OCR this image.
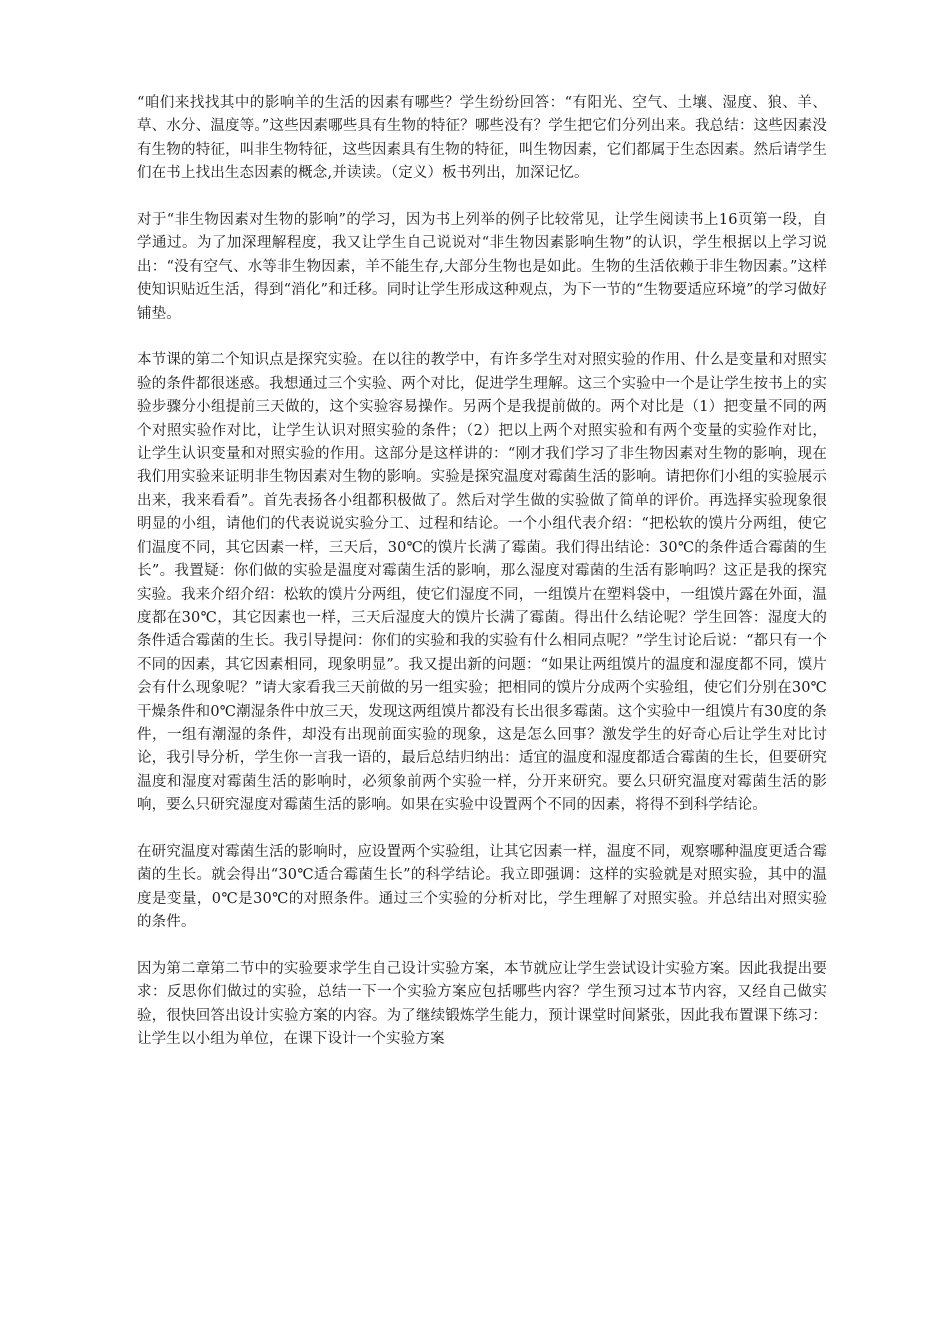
“咱们来找找其中的影响羊的生活的因素有哪些？学生纷纷回答：“有阳光、空气、土壤、湿度、狼、羊、草、水分、温度等。”这些因素哪些具有生物的特征？哪些没有？学生把它们分列出来。我总结：这些因素没有生物的特征，叫非生物特征，这些因素具有生物的特征，叫生物因素，它们都属于生态因素。然后请学生们在书上找出生态因素的概念,并读读。（定义）板书列出，加深记忆。

对于“非生物因素对生物的影响”的学习，因为书上列举的例子比较常见，让学生阅读书上16页第一段，自学通过。为了加深理解程度，我又让学生自己说说对“非生物因素影响生物”的认识，学生根据以上学习说出：“没有空气、水等非生物因素，羊不能生存,大部分生物也是如此。生物的生活依赖于非生物因素。”这样使知识贴近生活，得到“消化”和迁移。同时让学生形成这种观点，为下一节的“生物要适应环境”的学习做好铺垫。

本节课的第二个知识点是探究实验。在以往的教学中，有许多学生对对照实验的作用、什么是变量和对照实验的条件都很迷惑。我想通过三个实验、两个对比，促进学生理解。这三个实验中一个是让学生按书上的实验步骤分小组提前三天做的，这个实验容易操作。另两个是我提前做的。两个对比是（1）把变量不同的两个对照实验作对比，让学生认识对照实验的条件；（2）把以上两个对照实验和有两个变量的实验作对比，让学生认识变量和对照实验的作用。这部分是这样讲的：“刚才我们学习了非生物因素对生物的影响，现在我们用实验来证明非生物因素对生物的影响。实验是探究温度对霉菌生活的影响。请把你们小组的实验展示出来，我来看看”。首先表扬各小组都积极做了。然后对学生做的实验做了简单的评价。再选择实验现象很明显的小组，请他们的代表说说实验分工、过程和结论。一个小组代表介绍：“把松软的馍片分两组，使它们温度不同，其它因素一样，三天后，30℃的馍片长满了霉菌。我们得出结论：30℃的条件适合霉菌的生长”。我置疑：你们做的实验是温度对霉菌生活的影响，那么湿度对霉菌的生活有影响吗？这正是我的探究实验。我来介绍介绍：松软的馍片分两组，使它们湿度不同，一组馍片在塑料袋中，一组馍片露在外面，温度都在30℃，其它因素也一样，三天后湿度大的馍片长满了霉菌。得出什么结论呢？学生回答：湿度大的条件适合霉菌的生长。我引导提问：你们的实验和我的实验有什么相同点呢？”学生讨论后说：“都只有一个不同的因素，其它因素相同，现象明显”。我又提出新的问题：“如果让两组馍片的温度和湿度都不同，馍片会有什么现象呢？”请大家看我三天前做的另一组实验；把相同的馍片分成两个实验组，使它们分别在30℃干燥条件和0℃潮湿条件中放三天，发现这两组馍片都没有长出很多霉菌。这个实验中一组馍片有30度的条件，一组有潮湿的条件，却没有出现前面实验的现象，这是怎么回事？激发学生的好奇心后让学生对比讨论，我引导分析，学生你一言我一语的，最后总结归纳出：适宜的温度和湿度都适合霉菌的生长，但要研究温度和湿度对霉菌生活的影响时，必须象前两个实验一样，分开来研究。要么只研究温度对霉菌生活的影响，要么只研究湿度对霉菌生活的影响。如果在实验中设置两个不同的因素，将得不到科学结论。

在研究温度对霉菌生活的影响时，应设置两个实验组，让其它因素一样，温度不同，观察哪种温度更适合霉菌的生长。就会得出“30℃适合霉菌生长”的科学结论。我立即强调：这样的实验就是对照实验，其中的温度是变量，0℃是30℃的对照条件。通过三个实验的分析对比，学生理解了对照实验。并总结出对照实验的条件。

因为第二章第二节中的实验要求学生自己设计实验方案，本节就应让学生尝试设计实验方案。因此我提出要求：反思你们做过的实验，总结一下一个实验方案应包括哪些内容？学生预习过本节内容，又经自己做实验，很快回答出设计实验方案的内容。为了继续锻炼学生能力，预计课堂时间紧张，因此我布置课下练习：让学生以小组为单位，在课下设计一个实验方案
